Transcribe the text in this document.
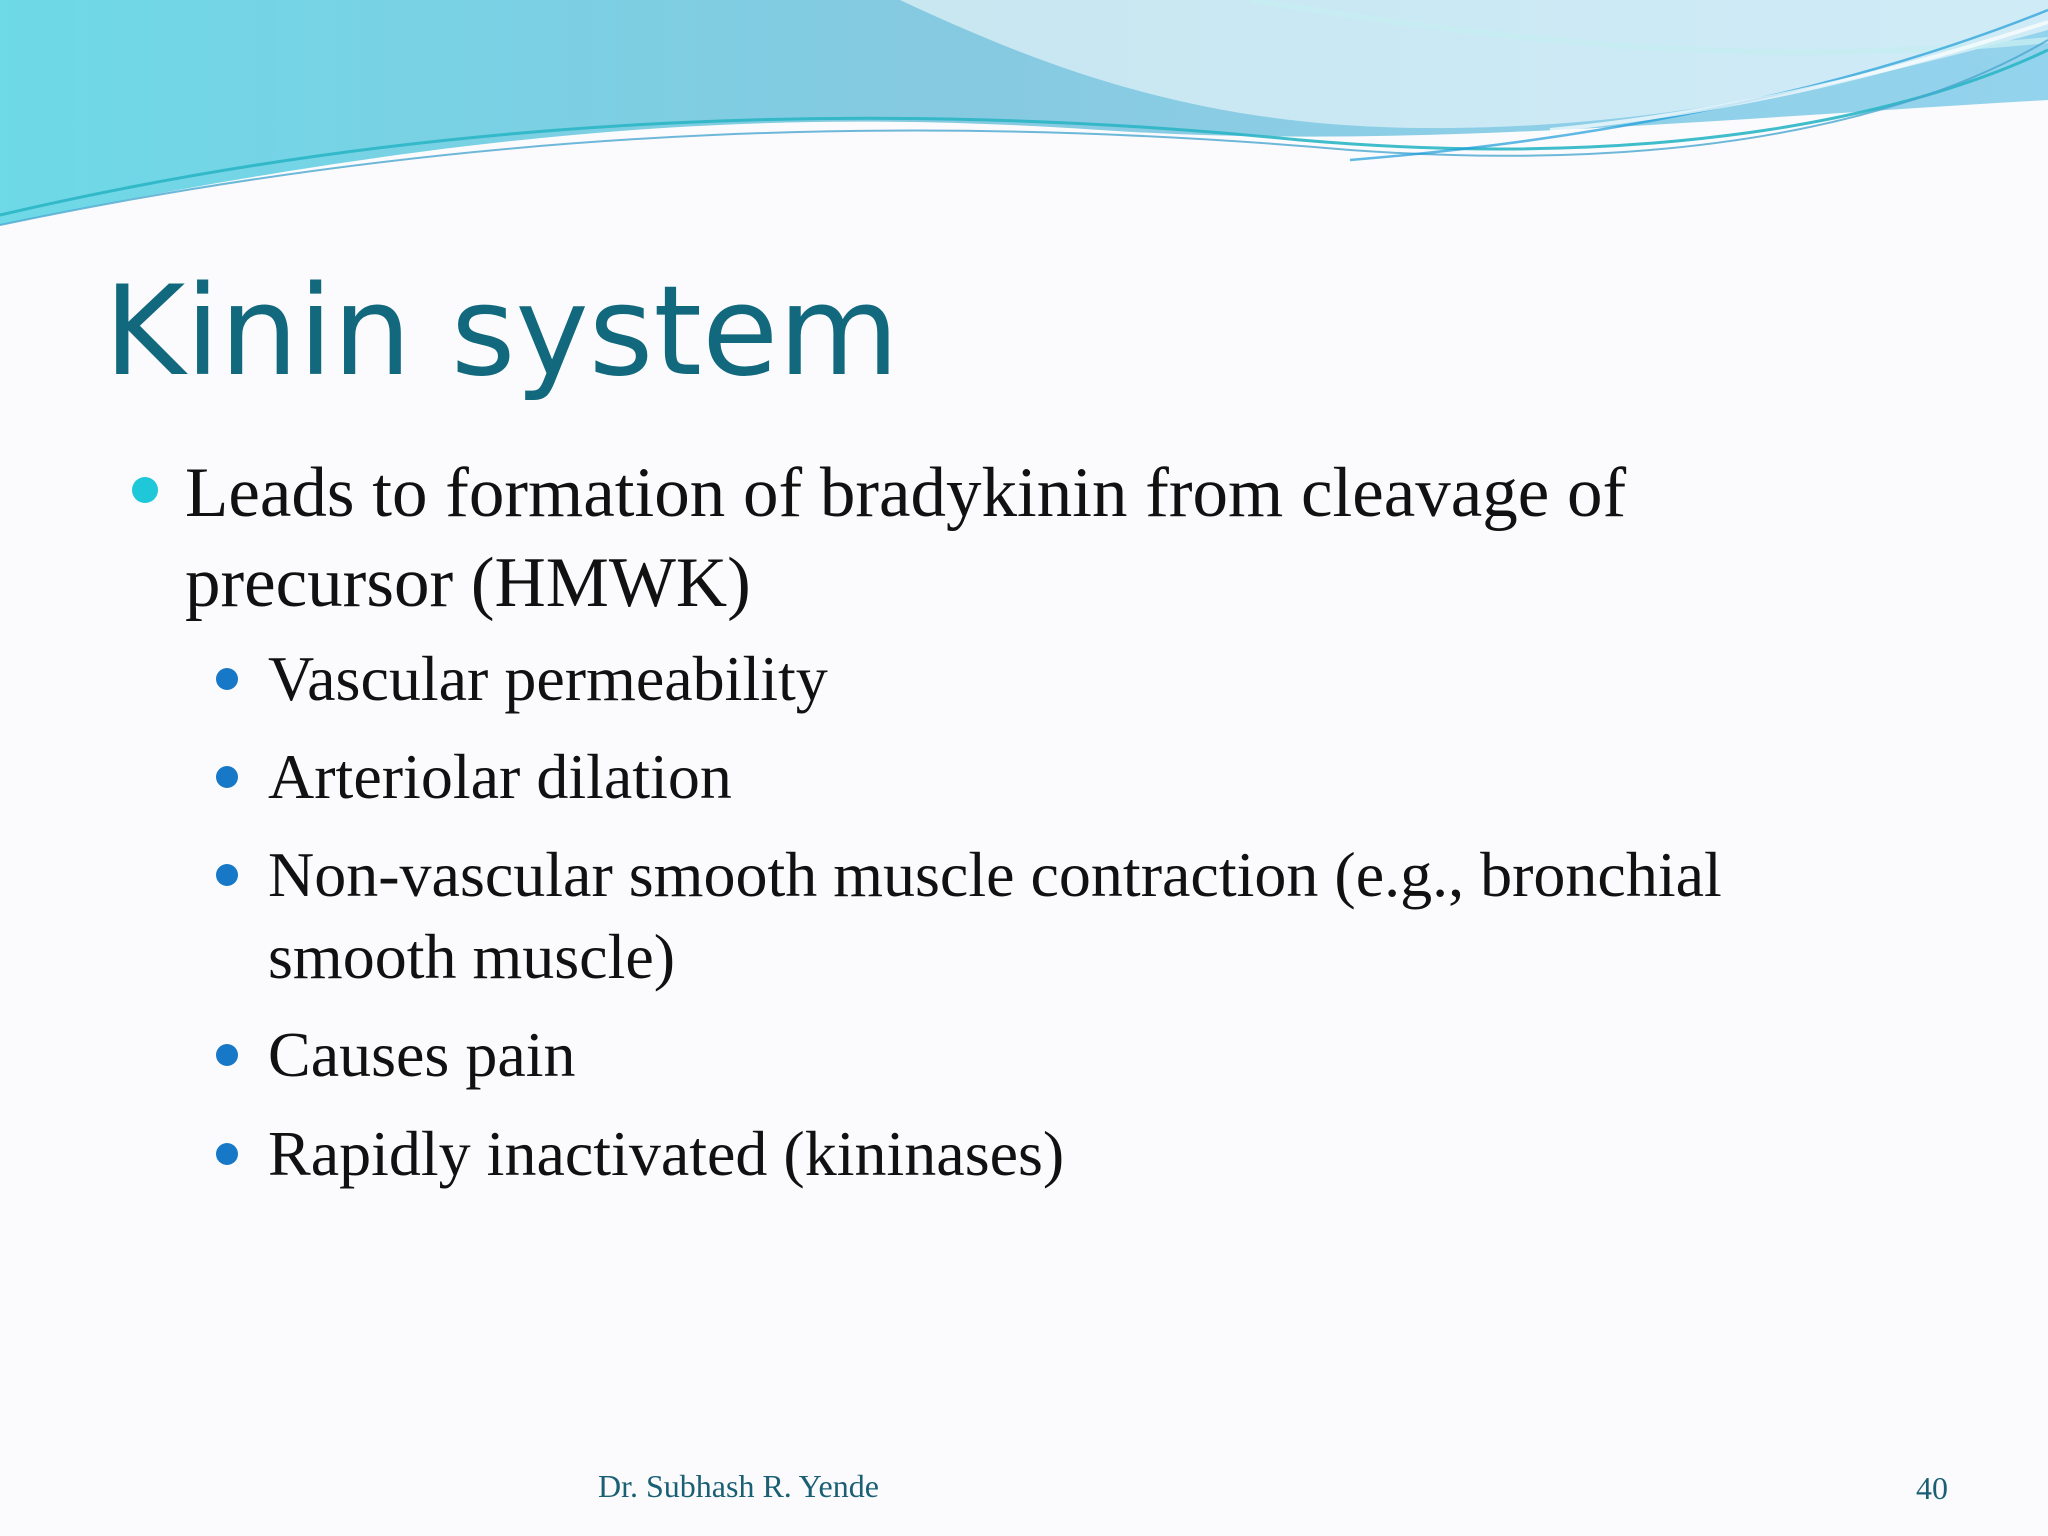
Kinin system
Leads to formation of bradykinin from cleavage of precursor (HMWK)
Vascular permeability
Arteriolar dilation
Non-vascular smooth muscle contraction (e.g., bronchial smooth muscle)
Causes pain
Rapidly inactivated (kininases)
Dr. Subhash R. Yende	40
